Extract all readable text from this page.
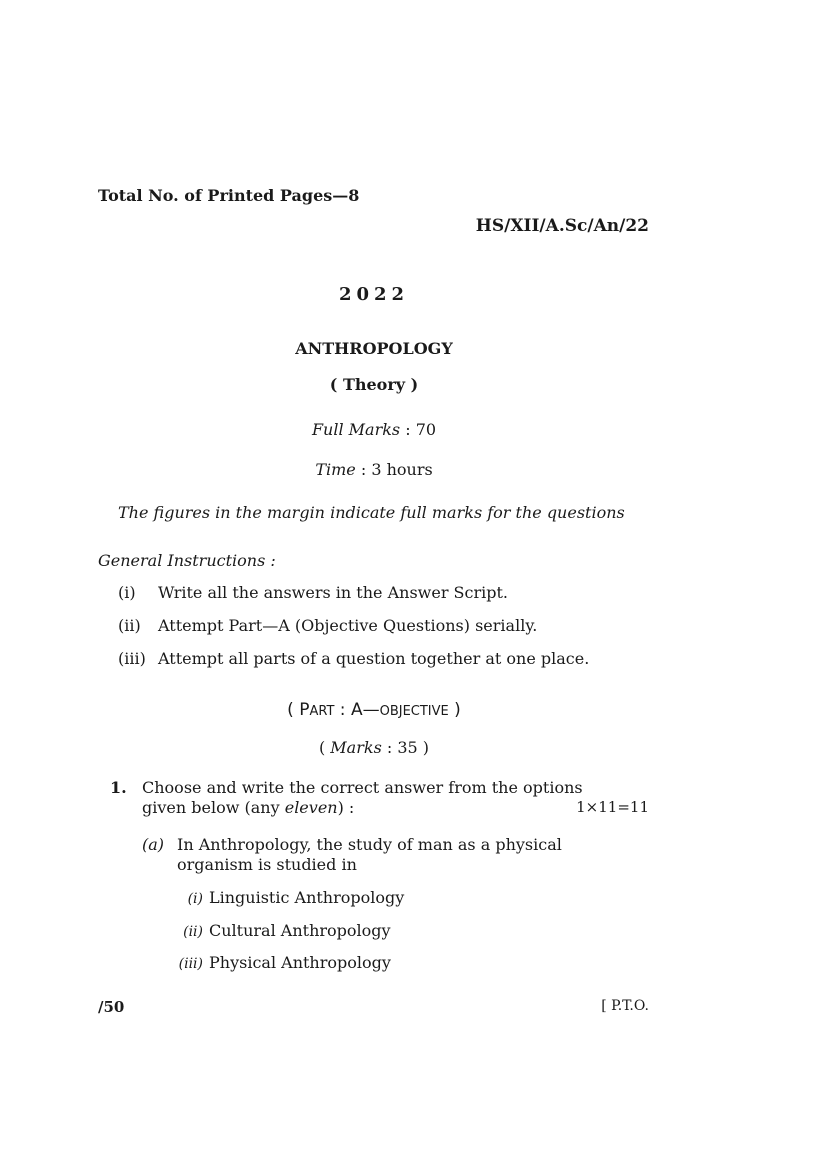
Total No. of Printed Pages—8
HS/XII/A.Sc/An/22
2022
ANTHROPOLOGY
( Theory )
Full Marks : 70
Time : 3 hours
The figures in the margin indicate full marks for the questions
General Instructions :
(i) Write all the answers in the Answer Script.
(ii) Attempt Part—A (Objective Questions) serially.
(iii) Attempt all parts of a question together at one place.
( PART : A—OBJECTIVE )
( Marks : 35 )
1. Choose and write the correct answer from the options
given below (any eleven) :	1×11=11
(a) In Anthropology, the study of man as a physical
organism is studied in
(i) Linguistic Anthropology
(ii) Cultural Anthropology
(iii) Physical Anthropology
/50	[ P.T.O.
